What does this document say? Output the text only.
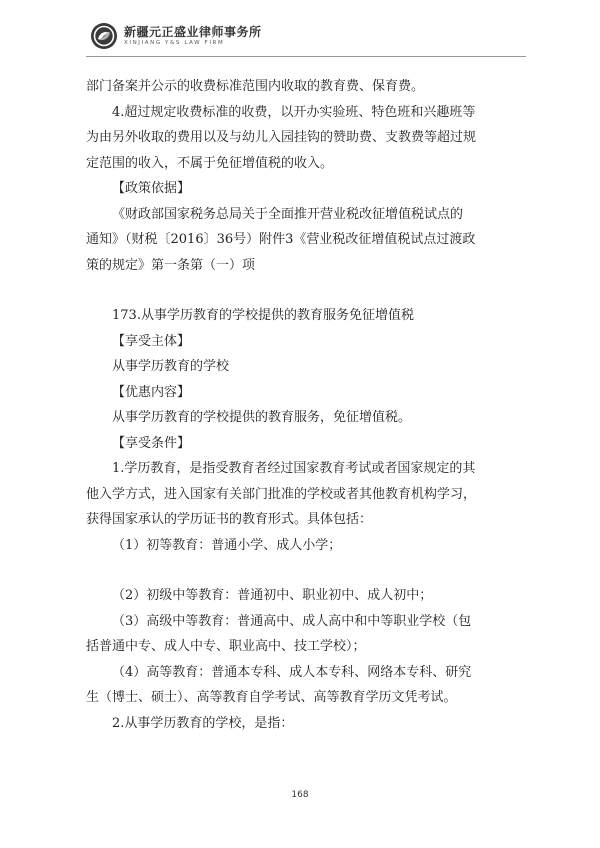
新疆元正盛业律师事务所
XINJIANG Y&S LAW FIRM

部门备案并公示的收费标准范围内收取的教育费、保育费。

4.超过规定收费标准的收费，以开办实验班、特色班和兴趣班等

为由另外收取的费用以及与幼儿入园挂钩的赞助费、支教费等超过规

定范围的收入，不属于免征增值税的收入。

【政策依据】

《财政部国家税务总局关于全面推开营业税改征增值税试点的

通知》（财税〔2016〕36号）附件3《营业税改征增值税试点过渡政

策的规定》第一条第（一）项

173.从事学历教育的学校提供的教育服务免征增值税

【享受主体】

从事学历教育的学校

【优惠内容】

从事学历教育的学校提供的教育服务，免征增值税。

【享受条件】

1.学历教育，是指受教育者经过国家教育考试或者国家规定的其

他入学方式，进入国家有关部门批准的学校或者其他教育机构学习，

获得国家承认的学历证书的教育形式。具体包括：

（1）初等教育：普通小学、成人小学；

（2）初级中等教育：普通初中、职业初中、成人初中；

（3）高级中等教育：普通高中、成人高中和中等职业学校（包

括普通中专、成人中专、职业高中、技工学校）；

（4）高等教育：普通本专科、成人本专科、网络本专科、研究

生（博士、硕士）、高等教育自学考试、高等教育学历文凭考试。

2.从事学历教育的学校，是指：

168
